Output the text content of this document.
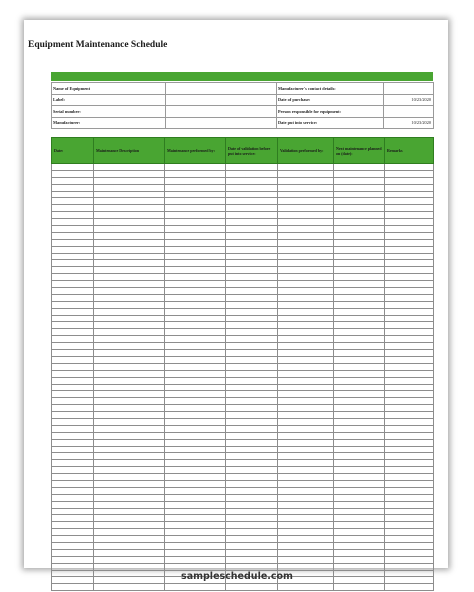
Equipment Maintenance Schedule
Name of Equipment		Manufacturer's contact details:	
Label:		Date of purchase:	10/23/2020
Serial number:		Person responsible for equipment:	
Manufacturer:		Date put into service:	10/23/2020
Date:	Maintenance Description	Maintenance performed by:	Date of validation before put into service:	Validation performed by:	Next maintenance planned on (date):	Remarks

sampleschedule.com
